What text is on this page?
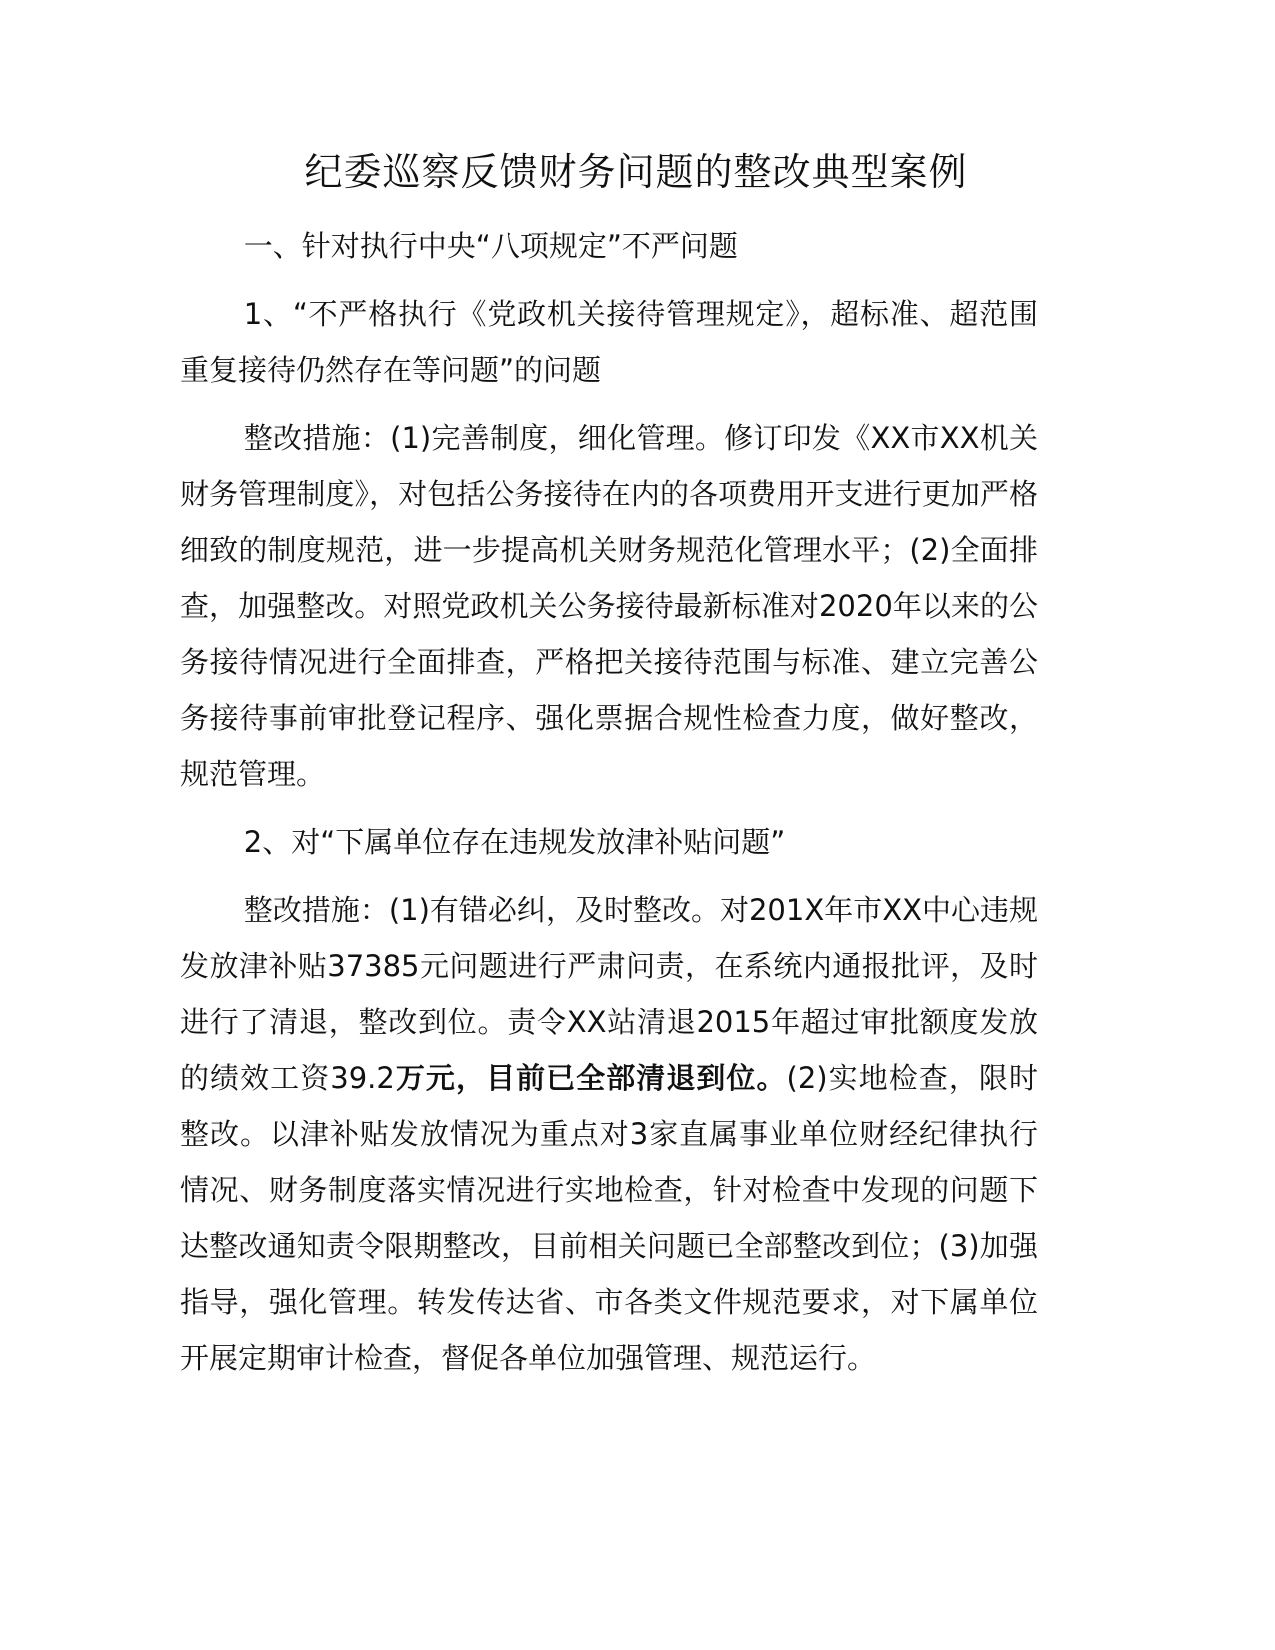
纪委巡察反馈财务问题的整改典型案例

一、针对执行中央“八项规定”不严问题

1、“不严格执行《党政机关接待管理规定》，超标准、超范围重复接待仍然存在等问题”的问题

整改措施：(1)完善制度，细化管理。修订印发《XX市XX机关财务管理制度》，对包括公务接待在内的各项费用开支进行更加严格细致的制度规范，进一步提高机关财务规范化管理水平；(2)全面排查，加强整改。对照党政机关公务接待最新标准对2020年以来的公务接待情况进行全面排查，严格把关接待范围与标准、建立完善公务接待事前审批登记程序、强化票据合规性检查力度，做好整改，规范管理。

2、对“下属单位存在违规发放津补贴问题”

整改措施：(1)有错必纠，及时整改。对201X年市XX中心违规发放津补贴37385元问题进行严肃问责，在系统内通报批评，及时进行了清退，整改到位。责令XX站清退2015年超过审批额度发放的绩效工资39.2万元，目前已全部清退到位。(2)实地检查，限时整改。以津补贴发放情况为重点对3家直属事业单位财经纪律执行情况、财务制度落实情况进行实地检查，针对检查中发现的问题下达整改通知责令限期整改，目前相关问题已全部整改到位；(3)加强指导，强化管理。转发传达省、市各类文件规范要求，对下属单位开展定期审计检查，督促各单位加强管理、规范运行。
